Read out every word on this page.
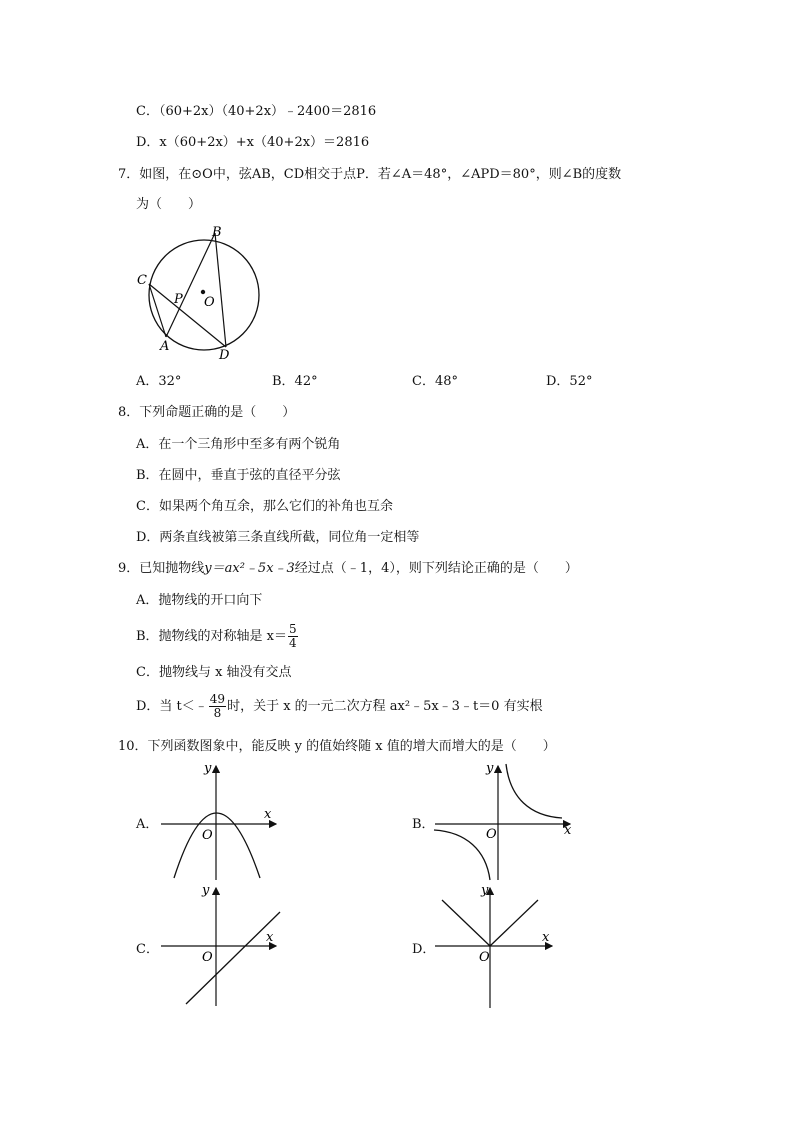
C．（60+2x）（40+2x）﹣2400＝2816
D．x（60+2x）+x（40+2x）＝2816
7．如图，在⊙O中，弦AB，CD相交于点P．若∠A＝48°，∠APD＝80°，则∠B的度数
为（　　）
B
C
P O
A
D
A．32°	B．42°	C．48°	D．52°
8．下列命题正确的是（　　）
A．在一个三角形中至多有两个锐角
B．在圆中，垂直于弦的直径平分弦
C．如果两个角互余，那么它们的补角也互余
D．两条直线被第三条直线所截，同位角一定相等
9．已知抛物线y＝ax²﹣5x﹣3经过点（﹣1，4），则下列结论正确的是（　　）
A．抛物线的开口向下
B．抛物线的对称轴是 $x= \frac{5}{4}$
C．抛物线与 x 轴没有交点
D．当 t＜﹣ $\frac{49}{8}$ 时，关于 x 的一元二次方程 ax²﹣5x﹣3﹣t＝0 有实根
10．下列函数图象中，能反映 y 的值始终随 x 值的增大而增大的是（　　）
A．
x
y
O
B．	x
y
O
C．
x
y
O
D．
x
y
O
